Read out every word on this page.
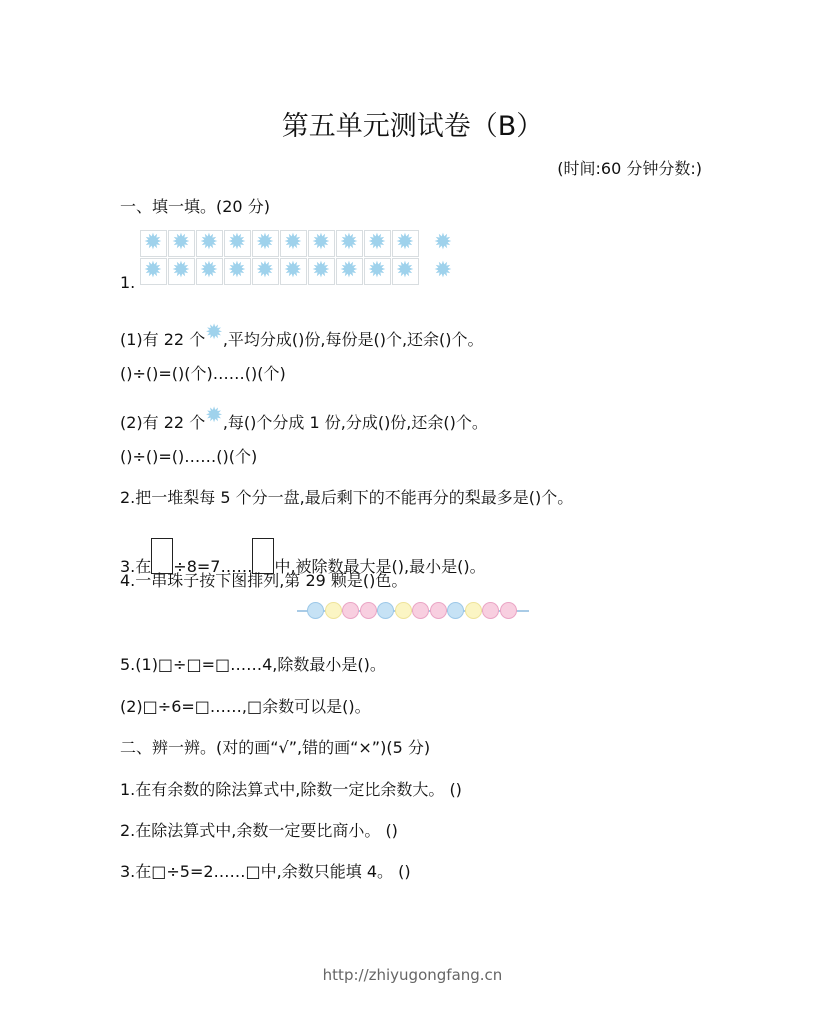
第五单元测试卷（B）
(时间:60 分钟分数:)
一、填一填。(20 分)
✹ ✹ ✹ ✹ ✹ ✹ ✹ ✹ ✹ ✹ ✹
✹ ✹ ✹ ✹ ✹ ✹ ✹ ✹ ✹ ✹ ✹
1.
(1)有 22 个✹,平均分成()份,每份是()个,还余()个。
()÷()=()(个)……()(个)
(2)有 22 个✹,每()个分成 1 份,分成()份,还余()个。
()÷()=()……()(个)
2.把一堆梨每 5 个分一盘,最后剩下的不能再分的梨最多是()个。
3.在 ÷8=7…… 中,被除数最大是(),最小是()。
4.一串珠子按下图排列,第 29 颗是()色。
5.(1)□÷□=□……4,除数最小是()。
(2)□÷6=□……,□余数可以是()。
二、辨一辨。(对的画“√”,错的画“×”)(5 分)
1.在有余数的除法算式中,除数一定比余数大。 ()
2.在除法算式中,余数一定要比商小。 ()
3.在□÷5=2……□中,余数只能填 4。 ()
http://zhiyugongfang.cn
